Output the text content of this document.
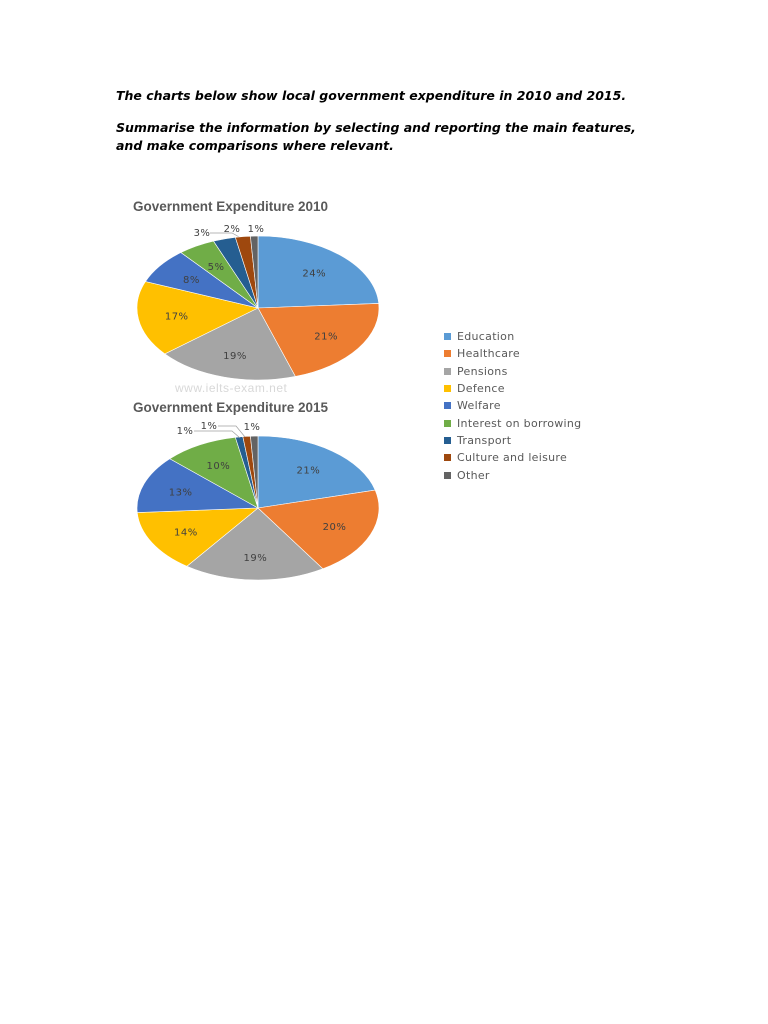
The charts below show local government expenditure in 2010 and 2015.

Summarise the information by selecting and reporting the main features, and make comparisons where relevant.

Government Expenditure 2010
24%
21%
19%
17%
8%
5%
3% 2% 1%
www.ielts-exam.net
Government Expenditure 2015
21%
20%
19%
14%
13%
10%
1% 1%	1%
Education
Healthcare
Pensions
Defence
Welfare
Interest on borrowing
Transport
Culture and leisure
Other
